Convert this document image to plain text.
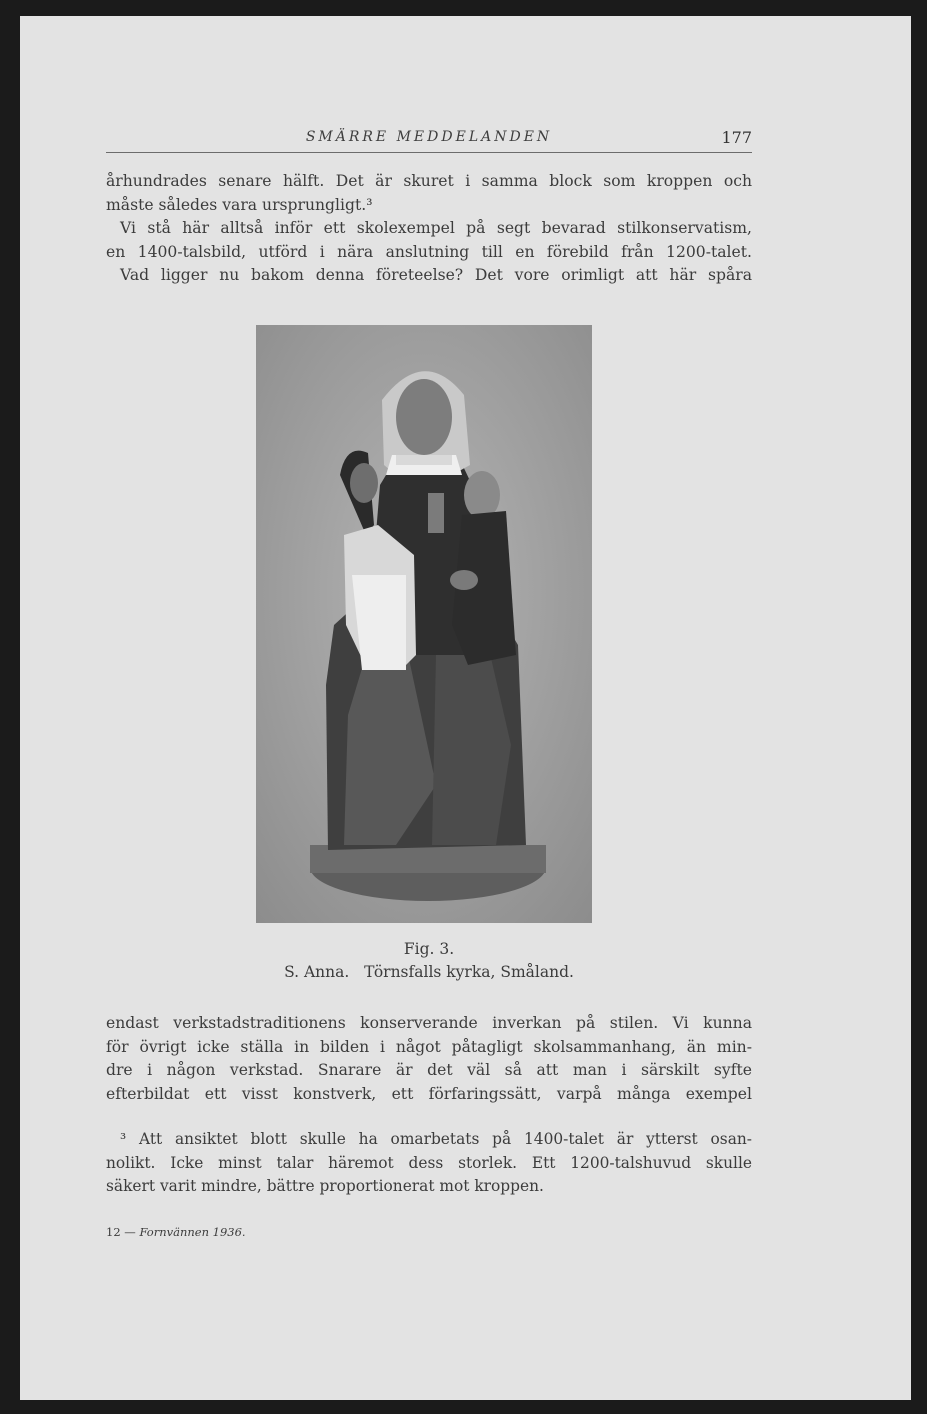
SMÄRRE MEDDELANDEN	177
århundrades senare hälft. Det är skuret i samma block som kroppen och
måste således vara ursprungligt.³
Vi stå här alltså inför ett skolexempel på segt bevarad stilkonservatism,
en 1400-talsbild, utförd i nära anslutning till en förebild från 1200-talet.
Vad ligger nu bakom denna företeelse? Det vore orimligt att här spåra
Fig. 3.
S. Anna. Törnsfalls kyrka, Småland.
endast verkstadstraditionens konserverande inverkan på stilen. Vi kunna
för övrigt icke ställa in bilden i något påtagligt skolsammanhang, än min-
dre i någon verkstad. Snarare är det väl så att man i särskilt syfte
efterbildat ett visst konstverk, ett förfaringssätt, varpå många exempel
³ Att ansiktet blott skulle ha omarbetats på 1400-talet är ytterst osan-
nolikt. Icke minst talar häremot dess storlek. Ett 1200-talshuvud skulle
säkert varit mindre, bättre proportionerat mot kroppen.
12 — Fornvännen 1936.
